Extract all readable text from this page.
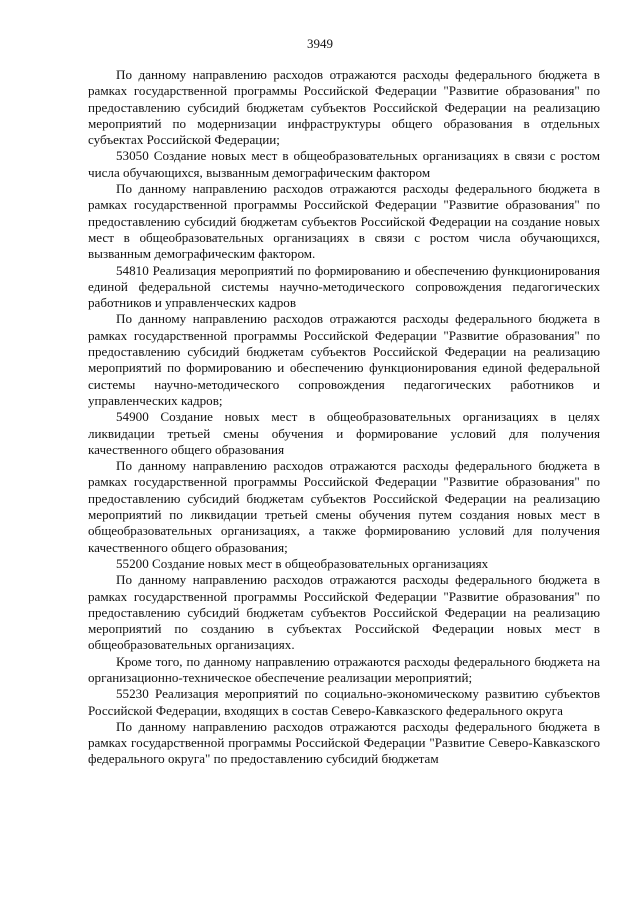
3949

По данному направлению расходов отражаются расходы федерального бюджета в рамках государственной программы Российской Федерации "Развитие образования" по предоставлению субсидий бюджетам субъектов Российской Федерации на реализацию мероприятий по модернизации инфраструктуры общего образования в отдельных субъектах Российской Федерации;

53050 Создание новых мест в общеобразовательных организациях в связи с ростом числа обучающихся, вызванным демографическим фактором

По данному направлению расходов отражаются расходы федерального бюджета в рамках государственной программы Российской Федерации "Развитие образования" по предоставлению субсидий бюджетам субъектов Российской Федерации на создание новых мест в общеобразовательных организациях в связи с ростом числа обучающихся, вызванным демографическим фактором.

54810 Реализация мероприятий по формированию и обеспечению функционирования единой федеральной системы научно-методического сопровождения педагогических работников и управленческих кадров

По данному направлению расходов отражаются расходы федерального бюджета в рамках государственной программы Российской Федерации "Развитие образования" по предоставлению субсидий бюджетам субъектов Российской Федерации на реализацию мероприятий по формированию и обеспечению функционирования единой федеральной системы научно-методического сопровождения педагогических работников и управленческих кадров;

54900 Создание новых мест в общеобразовательных организациях в целях ликвидации третьей смены обучения и формирование условий для получения качественного общего образования

По данному направлению расходов отражаются расходы федерального бюджета в рамках государственной программы Российской Федерации "Развитие образования" по предоставлению субсидий бюджетам субъектов Российской Федерации на реализацию мероприятий по ликвидации третьей смены обучения путем создания новых мест в общеобразовательных организациях, а также формированию условий для получения качественного общего образования;

55200 Создание новых мест в общеобразовательных организациях

По данному направлению расходов отражаются расходы федерального бюджета в рамках государственной программы Российской Федерации "Развитие образования" по предоставлению субсидий бюджетам субъектов Российской Федерации на реализацию мероприятий по созданию в субъектах Российской Федерации новых мест в общеобразовательных организациях.

Кроме того, по данному направлению отражаются расходы федерального бюджета на организационно-техническое обеспечение реализации мероприятий;

55230 Реализация мероприятий по социально-экономическому развитию субъектов Российской Федерации, входящих в состав Северо-Кавказского федерального округа

По данному направлению расходов отражаются расходы федерального бюджета в рамках государственной программы Российской Федерации "Развитие Северо-Кавказского федерального округа" по предоставлению субсидий бюджетам
